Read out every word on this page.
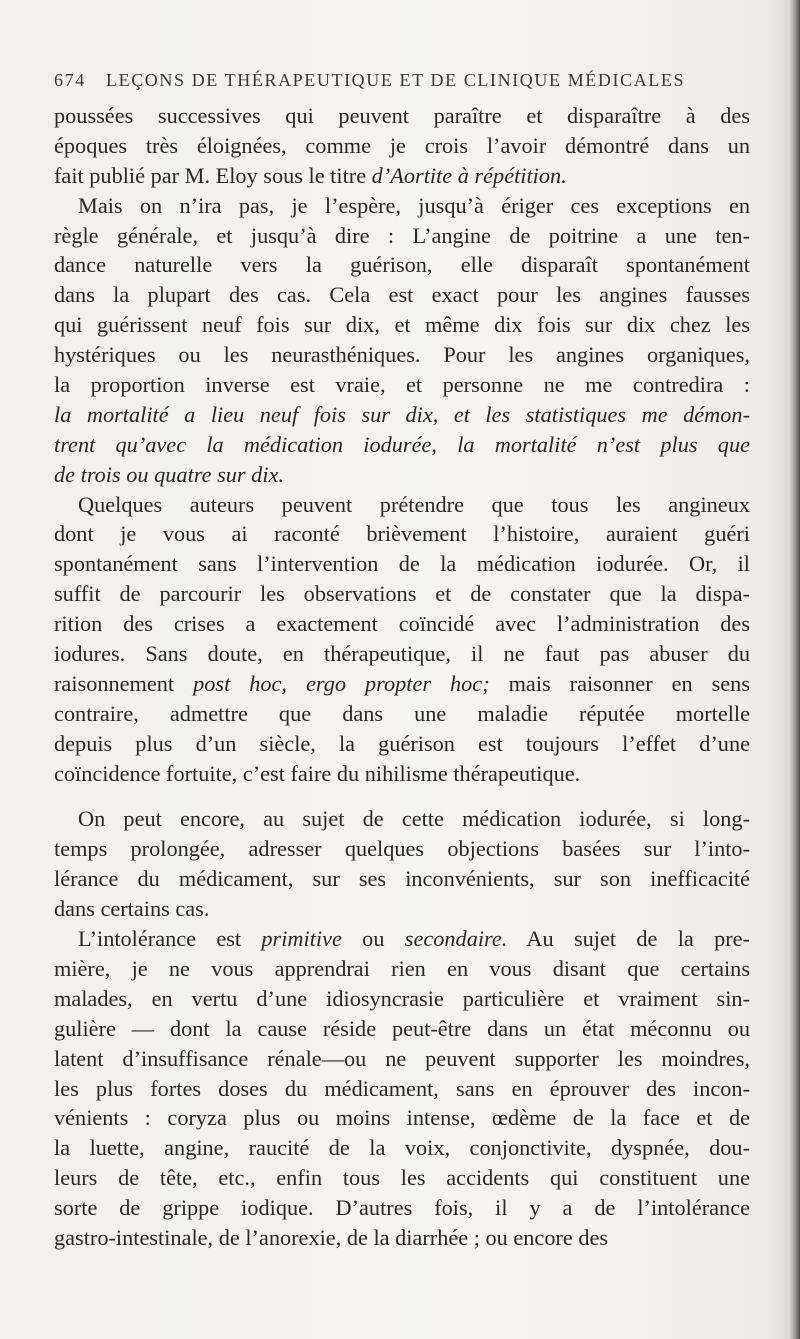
674	LEÇONS DE THÉRAPEUTIQUE ET DE CLINIQUE MÉDICALES
poussées successives qui peuvent paraître et disparaître à des
époques très éloignées, comme je crois l’avoir démontré dans un
fait publié par M. Eloy sous le titre d’Aortite à répétition.
Mais on n’ira pas, je l’espère, jusqu’à ériger ces exceptions en
règle générale, et jusqu’à dire : L’angine de poitrine a une ten-
dance naturelle vers la guérison, elle disparaît spontanément
dans la plupart des cas. Cela est exact pour les angines fausses
qui guérissent neuf fois sur dix, et même dix fois sur dix chez les
hystériques ou les neurasthéniques. Pour les angines organiques,
la proportion inverse est vraie, et personne ne me contredira :
la mortalité a lieu neuf fois sur dix, et les statistiques me démon-
trent qu’avec la médication iodurée, la mortalité n’est plus que
de trois ou quatre sur dix.
Quelques auteurs peuvent prétendre que tous les angineux
dont je vous ai raconté brièvement l’histoire, auraient guéri
spontanément sans l’intervention de la médication iodurée. Or, il
suffit de parcourir les observations et de constater que la dispa-
rition des crises a exactement coïncidé avec l’administration des
iodures. Sans doute, en thérapeutique, il ne faut pas abuser du
raisonnement post hoc, ergo propter hoc; mais raisonner en sens
contraire, admettre que dans une maladie réputée mortelle
depuis plus d’un siècle, la guérison est toujours l’effet d’une
coïncidence fortuite, c’est faire du nihilisme thérapeutique.
On peut encore, au sujet de cette médication iodurée, si long-
temps prolongée, adresser quelques objections basées sur l’into-
lérance du médicament, sur ses inconvénients, sur son inefficacité
dans certains cas.
L’intolérance est primitive ou secondaire. Au sujet de la pre-
mière, je ne vous apprendrai rien en vous disant que certains
malades, en vertu d’une idiosyncrasie particulière et vraiment sin-
gulière — dont la cause réside peut-être dans un état méconnu ou
latent d’insuffisance rénale—ou ne peuvent supporter les moindres,
les plus fortes doses du médicament, sans en éprouver des incon-
vénients : coryza plus ou moins intense, œdème de la face et de
la luette, angine, raucité de la voix, conjonctivite, dyspnée, dou-
leurs de tête, etc., enfin tous les accidents qui constituent une
sorte de grippe iodique. D’autres fois, il y a de l’intolérance
gastro-intestinale, de l’anorexie, de la diarrhée ; ou encore des
